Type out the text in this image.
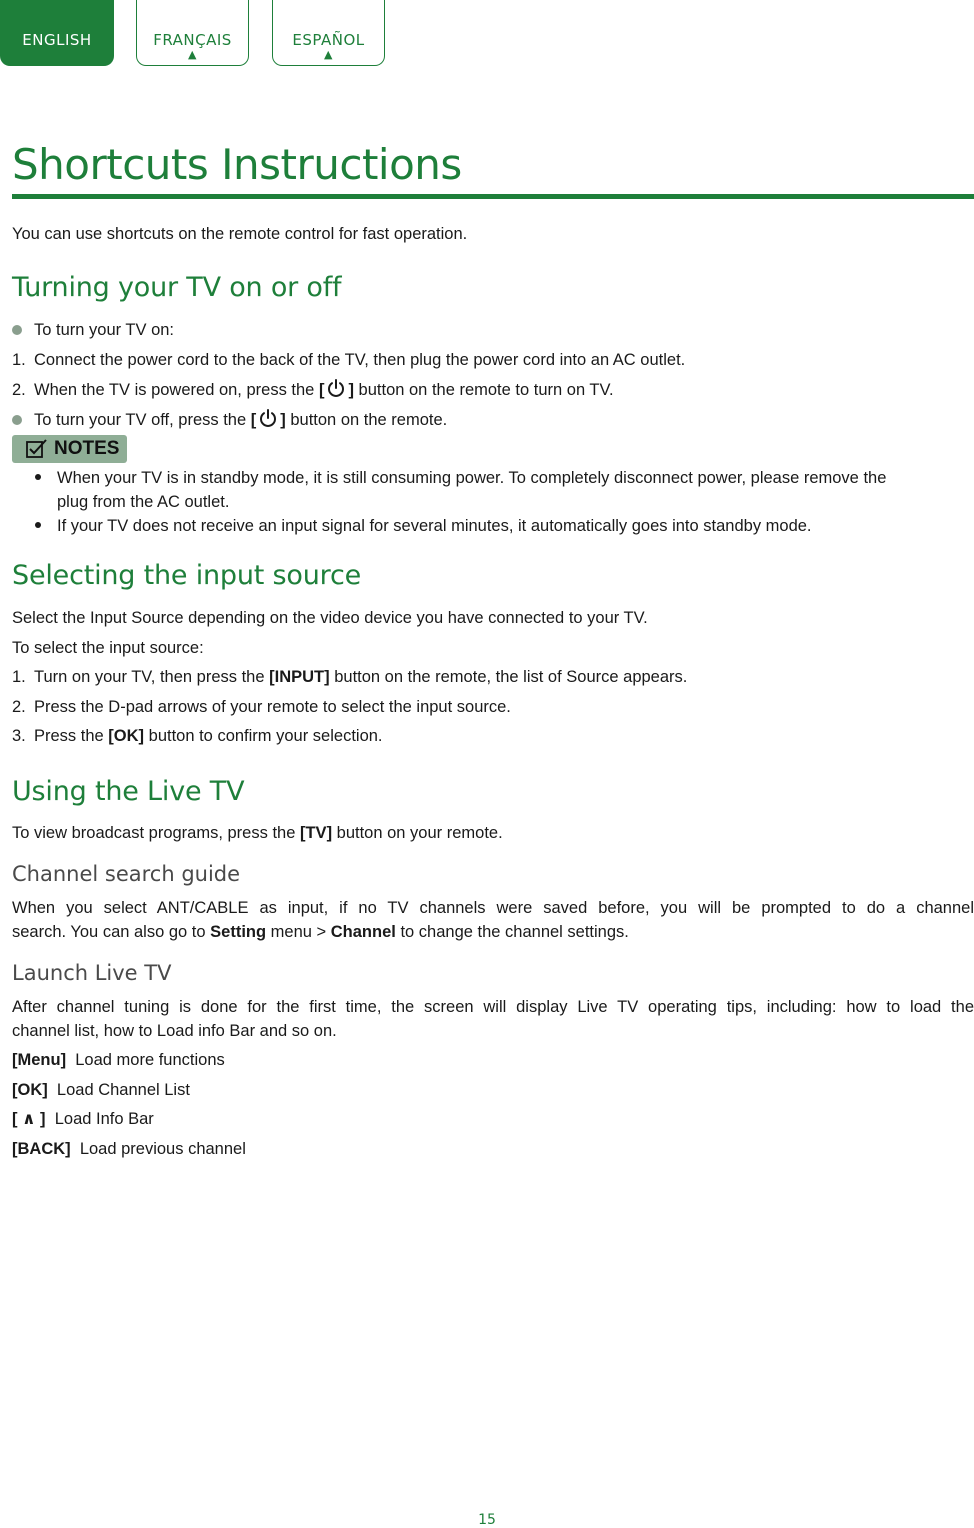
ENGLISH	FRANÇAIS
▲
ESPAÑOL
▲
Shortcuts Instructions
You can use shortcuts on the remote control for fast operation.
Turning your TV on or off
To turn your TV on:
1. Connect the power cord to the back of the TV, then plug the power cord into an AC outlet.
2. When the TV is powered on, press the [ ] button on the remote to turn on TV.
To turn your TV off, press the [ ] button on the remote.
NOTES
When your TV is in standby mode, it is still consuming power. To completely disconnect power, please remove the
plug from the AC outlet.
If your TV does not receive an input signal for several minutes, it automatically goes into standby mode.
Selecting the input source
Select the Input Source depending on the video device you have connected to your TV.
To select the input source:
1. Turn on your TV, then press the [INPUT] button on the remote, the list of Source appears.
2. Press the D-pad arrows of your remote to select the input source.
3. Press the [OK] button to confirm your selection.
Using the Live TV
To view broadcast programs, press the [TV] button on your remote.
Channel search guide
When you select ANT/CABLE as input, if no TV channels were saved before, you will be prompted to do a channel
search. You can also go to Setting menu > Channel to change the channel settings.
Launch Live TV
After channel tuning is done for the first time, the screen will display Live TV operating tips, including: how to load the
channel list, how to Load info Bar and so on.
[Menu] Load more functions
[OK] Load Channel List
[ ∧ ] Load Info Bar
[BACK] Load previous channel
15
